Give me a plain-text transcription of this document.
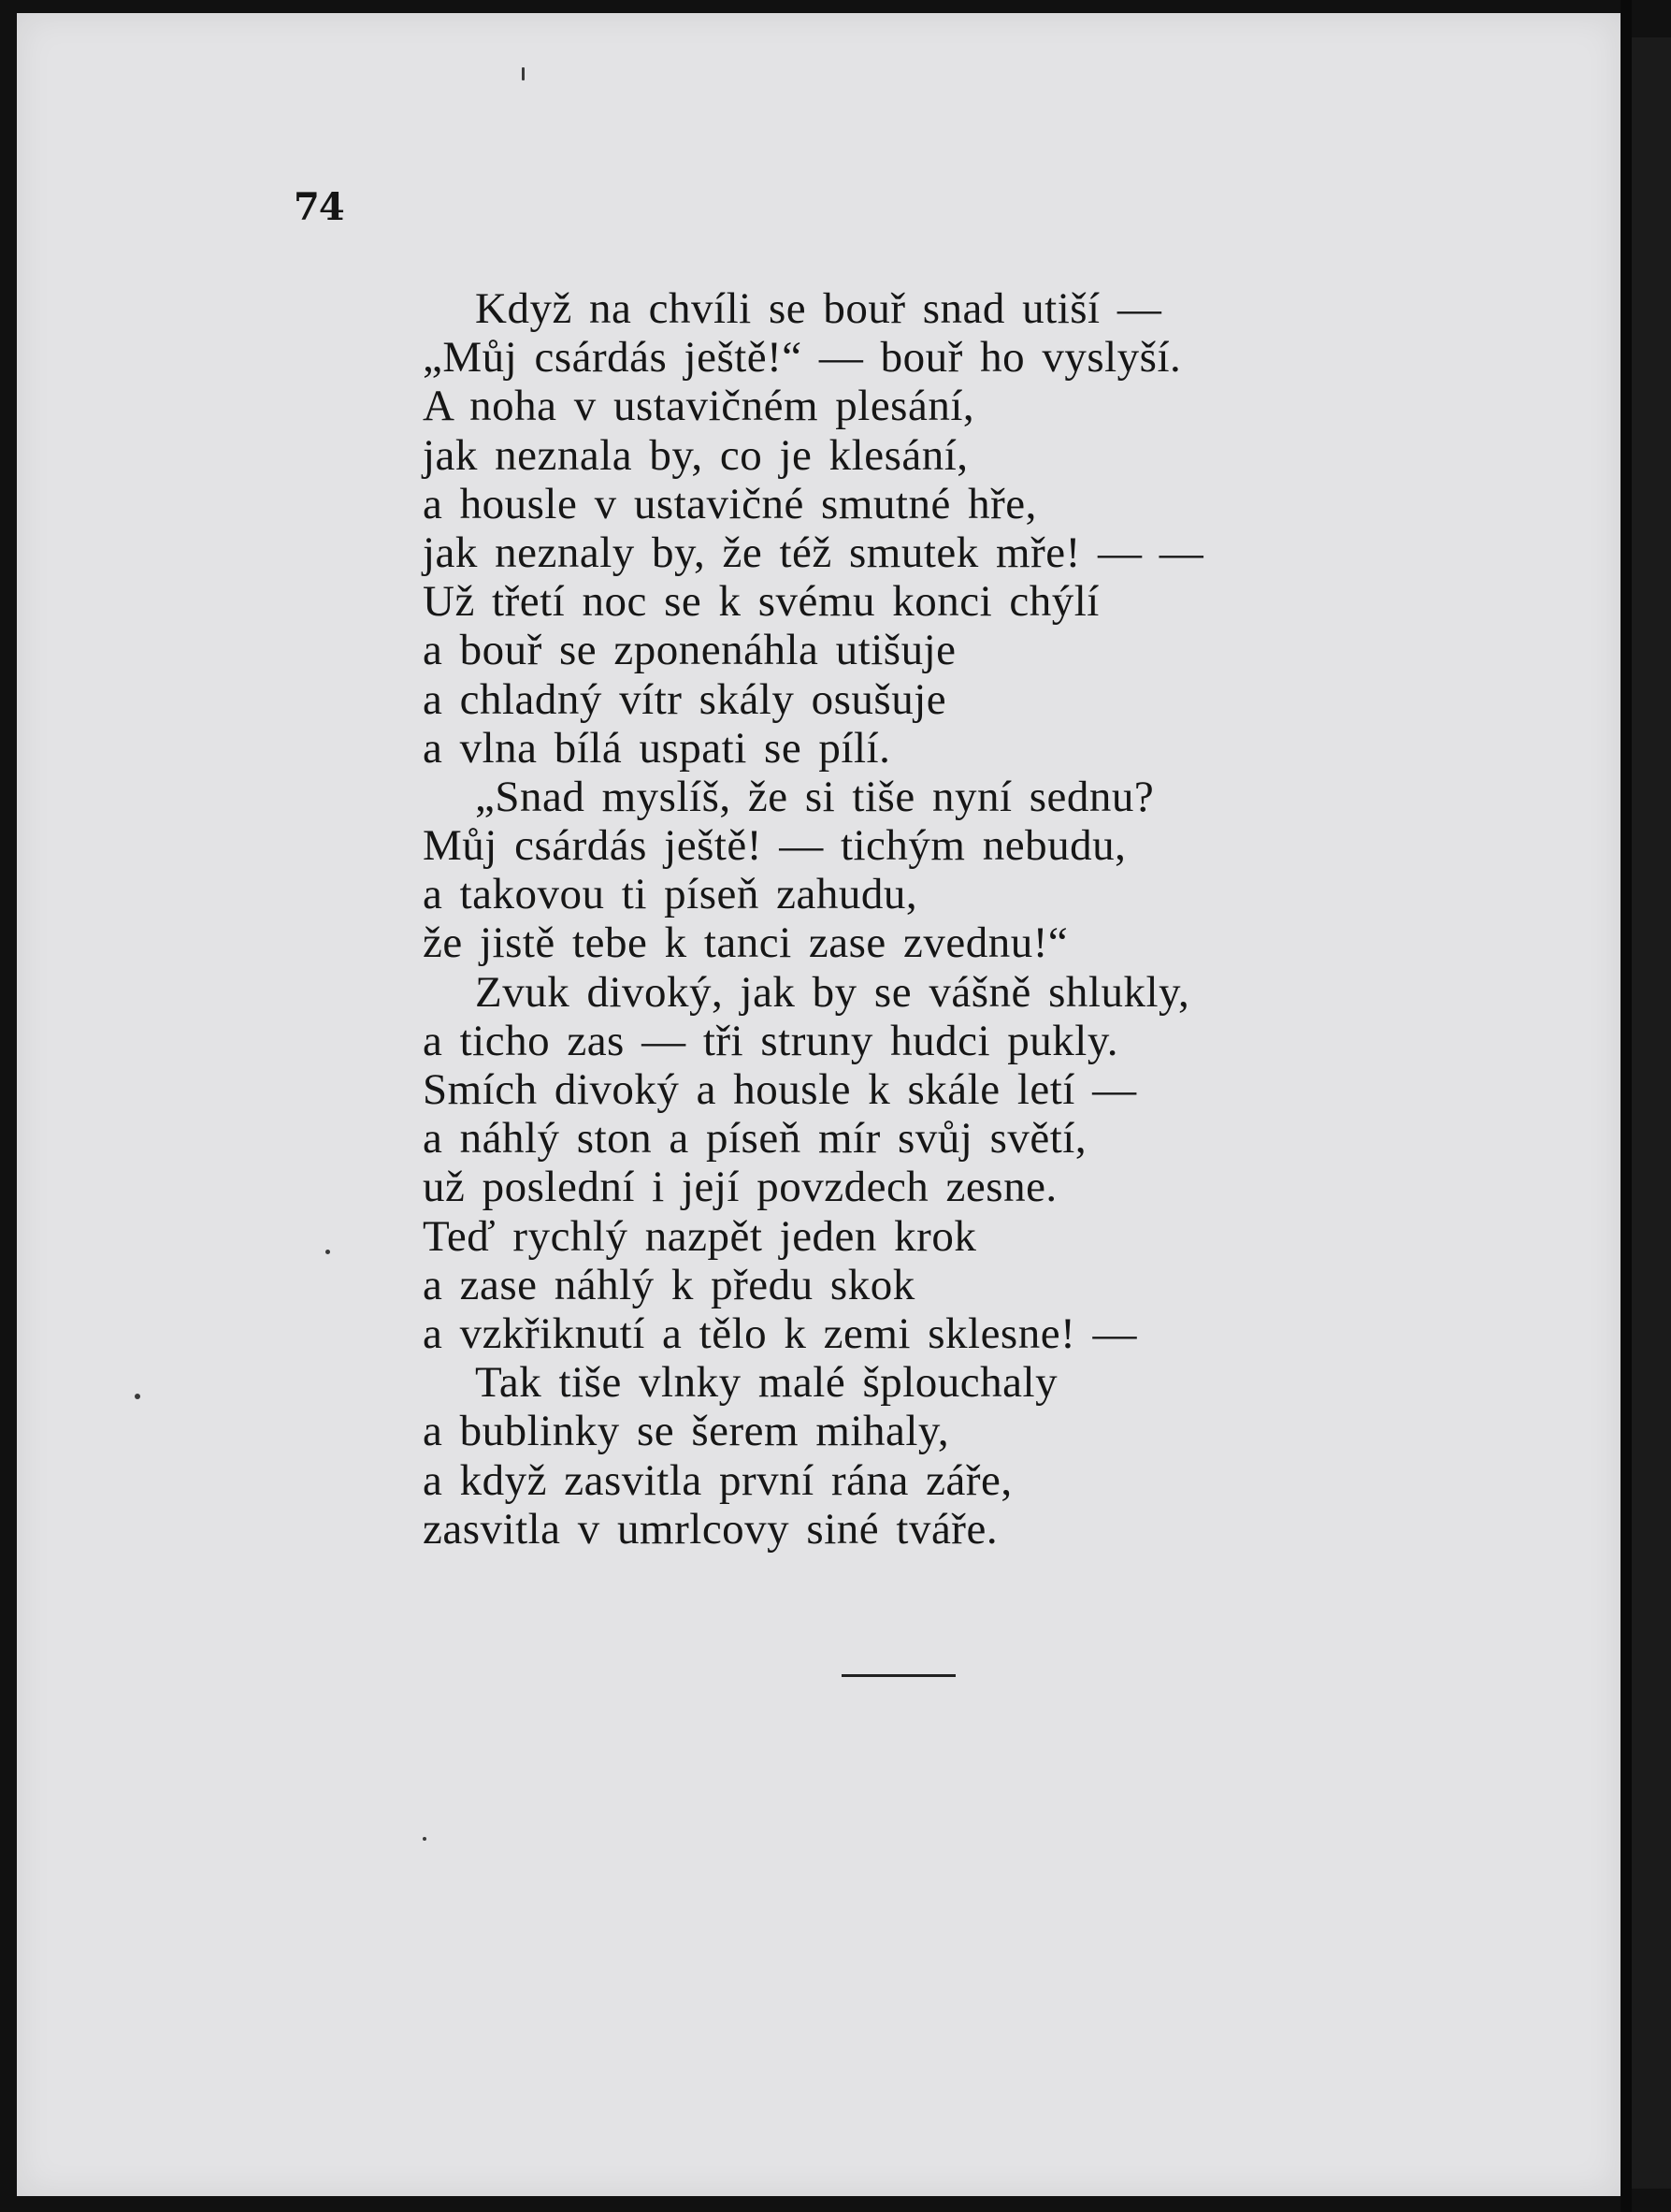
74
Když na chvíli se bouř snad utiší —
„Můj csárdás ještě!“ — bouř ho vyslyší.
A noha v ustavičném plesání,
jak neznala by, co je klesání,
a housle v ustavičné smutné hře,
jak neznaly by, že též smutek mře! — —
Už třetí noc se k svému konci chýlí
a bouř se zponenáhla utišuje
a chladný vítr skály osušuje
a vlna bílá uspati se pílí.
„Snad myslíš, že si tiše nyní sednu?
Můj csárdás ještě! — tichým nebudu,
a takovou ti píseň zahudu,
že jistě tebe k tanci zase zvednu!“
Zvuk divoký, jak by se vášně shlukly,
a ticho zas — tři struny hudci pukly.
Smích divoký a housle k skále letí —
a náhlý ston a píseň mír svůj světí,
už poslední i její povzdech zesne.
Teď rychlý nazpět jeden krok
a zase náhlý k předu skok
a vzkřiknutí a tělo k zemi sklesne! —
Tak tiše vlnky malé šplouchaly
a bublinky se šerem mihaly,
a když zasvitla první rána záře,
zasvitla v umrlcovy siné tváře.
